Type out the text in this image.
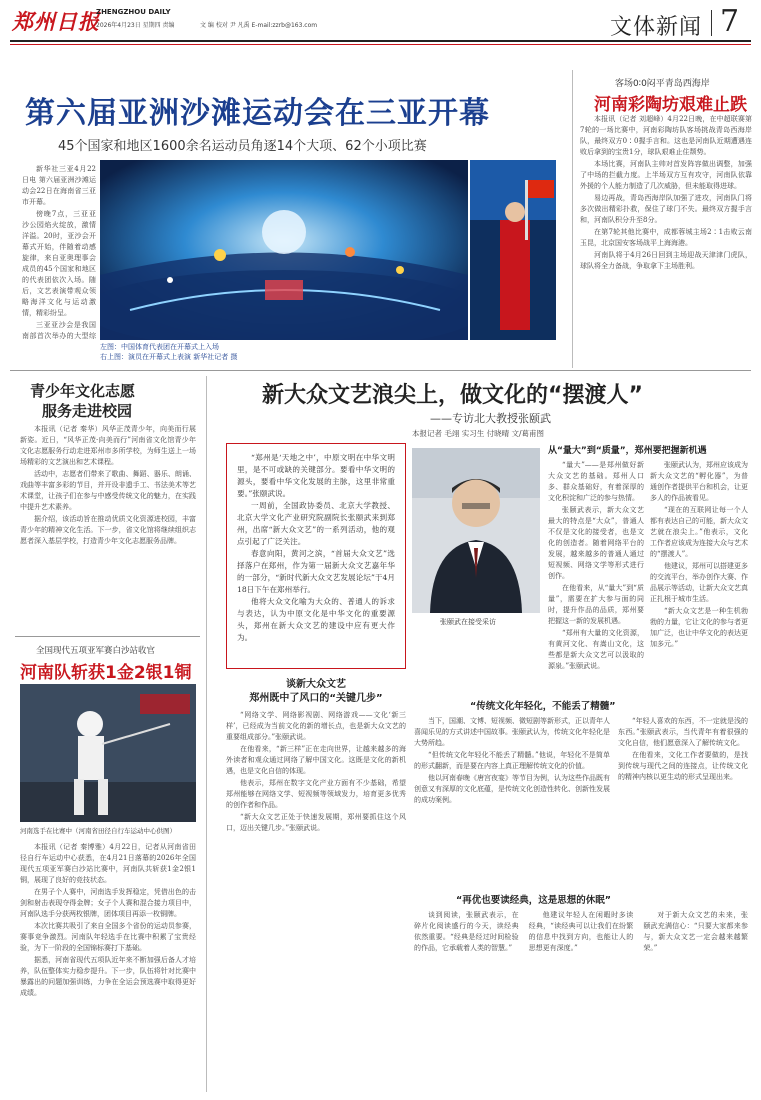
郑州日报
ZHENGZHOU DAILY
2026年4月23日 星期四 责编	文 编 校对 尹 凡禹 E-mail:zzrb@163.com	文体新闻 7
第六届亚洲沙滩运动会在三亚开幕
45个国家和地区1600余名运动员角逐14个大项、62个小项比赛

新华社三亚4月22日电 第六届亚洲沙滩运动会22日在海南省三亚市开幕。

傍晚7点，三亚亚沙公园焰火绽放，激情洋溢。20时，亚沙会开幕式开始，伴随着动感旋律，来自亚奥理事会成员的45个国家和地区的代表团依次入场。随后，文艺表演带观众领略海洋文化与运动激情，精彩纷呈。

三亚亚沙会是我国南部首次举办的大型综

左图：中国体育代表团在开幕式上入场
右上图：演员在开幕式上表演 新华社记者 摄
客场0∶0闷平青岛西海岸
河南彩陶坊艰难止跌

本报讯（记者 刘超峰）4月22日晚，在中超联赛第7轮的一场比赛中，河南彩陶坊队客场挑战青岛西海岸队，最终双方0∶0握手言和。这也是河南队近期遭遇连败后拿到的宝贵1分，球队艰难止住颓势。

本场比赛，河南队主帅对首发阵容做出调整，加强了中场的拦截力度。上半场双方互有攻守，河南队依靠外援的个人能力制造了几次威胁，但未能取得进球。

易边再战，青岛西海岸队加强了进攻，河南队门将多次做出精彩扑救，保住了球门不失。最终双方握手言和，河南队积分升至8分。

在第7轮其他比赛中，成都蓉城主场2∶1击败云南玉昆，北京国安客场战平上海海港。

河南队将于4月26日回到主场迎战天津津门虎队，球队将全力备战，争取拿下主场胜利。

青少年文化志愿
服务走进校园

本报讯（记者 秦华）风华正茂青少年，向美而行展新姿。近日，“风华正茂·向美而行”河南省文化馆青少年文化志愿服务行动走进郑州市多所学校，为师生送上一场场精彩的文艺演出和艺术课程。

活动中，志愿者们带来了歌曲、舞蹈、器乐、朗诵、戏曲等丰富多彩的节目，并开设非遗手工、书法美术等艺术课堂，让孩子们在参与中感受传统文化的魅力，在实践中提升艺术素养。

据介绍，该活动旨在推动优质文化资源进校园，丰富青少年的精神文化生活。下一步，省文化馆将继续组织志愿者深入基层学校，打造青少年文化志愿服务品牌。

全国现代五项亚军赛白沙站收官
河南队斩获1金2银1铜
河南选手在比赛中（河南省田径自行车运动中心供图）

本报讯（记者 秦博雅）4月22日，记者从河南省田径自行车运动中心获悉，在4月21日落幕的2026年全国现代五项亚军赛白沙站比赛中，河南队共斩获1金2银1铜，展现了良好的竞技状态。

在男子个人赛中，河南选手发挥稳定，凭借出色的击剑和射击表现夺得金牌；女子个人赛和混合接力项目中，河南队选手分获两枚银牌，团体项目再添一枚铜牌。

本次比赛共吸引了来自全国多个省份的运动员参赛，赛事竞争激烈。河南队年轻选手在比赛中积累了宝贵经验，为下一阶段的全国锦标赛打下基础。

据悉，河南省现代五项队近年来不断加强后备人才培养，队伍整体实力稳步提升。下一步，队伍将针对比赛中暴露出的问题加强训练，力争在全运会预选赛中取得更好成绩。

新大众文艺浪尖上，做文化的“摆渡人”
——专访北大教授张颐武
本报记者 毛翊 实习生 付晓晴 文/葛甫图

“郑州是‘天地之中’，中原文明在中华文明里，是不可或缺的关键部分。要看中华文明的源头，要看中华文化发展的主脉，这里非常重要。”张颐武说。

一周前，全国政协委员、北京大学教授、北京大学文化产业研究院副院长张颐武来到郑州，出席“新大众文艺”的一系列活动，他的观点引起了广泛关注。

春意向阳，黄河之滨，“首届大众文艺”选择落户在郑州，作为第一届新大众文艺嘉年华的一部分，“新时代新大众文艺发展论坛”于4月18日下午在郑州举行。

他将大众文化喻为大众的、普通人的诉求与表达，认为中原文化是中华文化的重要源头，郑州在新大众文艺的建设中应有更大作为。

张颐武在接受采访
从“量大”到“质量”，郑州要把握新机遇

“量大”——是郑州做好新大众文艺的基础。郑州人口多、群众基础好，有着深厚的文化积淀和广泛的参与热情。

张颐武表示，新大众文艺最大的特点是“大众”，普通人不仅是文化的接受者，也是文化的创造者。随着网络平台的发展，越来越多的普通人通过短视频、网络文学等形式进行创作。

在他看来，从“量大”到“质量”，需要在扩大参与面的同时，提升作品的品质，郑州要把握这一新的发展机遇。

“郑州有大量的文化资源，有黄河文化、有嵩山文化，这些都是新大众文艺可以汲取的源泉。”张颐武说。

张颐武认为，郑州应该成为新大众文艺的“孵化器”，为普通创作者提供平台和机会，让更多人的作品被看见。

“现在的互联网让每一个人都有表达自己的可能，新大众文艺就在浪尖上。”他表示，文化工作者应该成为连接大众与艺术的“摆渡人”。

他建议，郑州可以搭建更多的交流平台，举办创作大赛、作品展示等活动，让新大众文艺真正扎根于城市生活。

“新大众文艺是一种生机勃勃的力量，它让文化的参与者更加广泛，也让中华文化的表达更加多元。”

谈新大众文艺
郑州既中了风口的“关键几步”

“网络文学、网络影视剧、网络游戏——文化‘新三样’，已经成为当前文化的新的增长点，也是新大众文艺的重要组成部分。”张颐武说。

在他看来，“新三样”正在走向世界，让越来越多的海外读者和观众通过网络了解中国文化。这既是文化的新机遇，也是文化自信的体现。

他表示，郑州在数字文化产业方面有不少基础，希望郑州能够在网络文学、短视频等领域发力，培育更多优秀的创作者和作品。

“新大众文艺正处于快速发展期，郑州要抓住这个风口，迈出关键几步。”张颐武说。

“传统文化年轻化，不能丢了精髓”

当下，国潮、文博、短视频、微短剧等新形式，正以青年人喜闻乐见的方式讲述中国故事。张颐武认为，传统文化年轻化是大势所趋。

“但传统文化年轻化不能丢了精髓。”他说，年轻化不是简单的形式翻新，而是要在内容上真正理解传统文化的价值。

他以河南春晚《唐宫夜宴》等节目为例，认为这些作品既有创意又有深厚的文化底蕴，是传统文化创造性转化、创新性发展的成功案例。

“年轻人喜欢的东西，不一定就是浅的东西。”张颐武表示，当代青年有着很强的文化自信，他们愿意深入了解传统文化。

在他看来，文化工作者要做的，是找到传统与现代之间的连接点，让传统文化的精神内核以更生动的形式呈现出来。

“再优也要读经典，这是思想的休眠”

谈到阅读，张颐武表示，在碎片化阅读盛行的今天，读经典依然重要。“经典是经过时间检验的作品，它承载着人类的智慧。”

他建议年轻人在闲暇时多读经典，“读经典可以让我们在纷繁的信息中找到方向，也能让人的思想更有深度。”

对于新大众文艺的未来，张颐武充满信心：“只要大家都来参与，新大众文艺一定会越来越繁荣。”
